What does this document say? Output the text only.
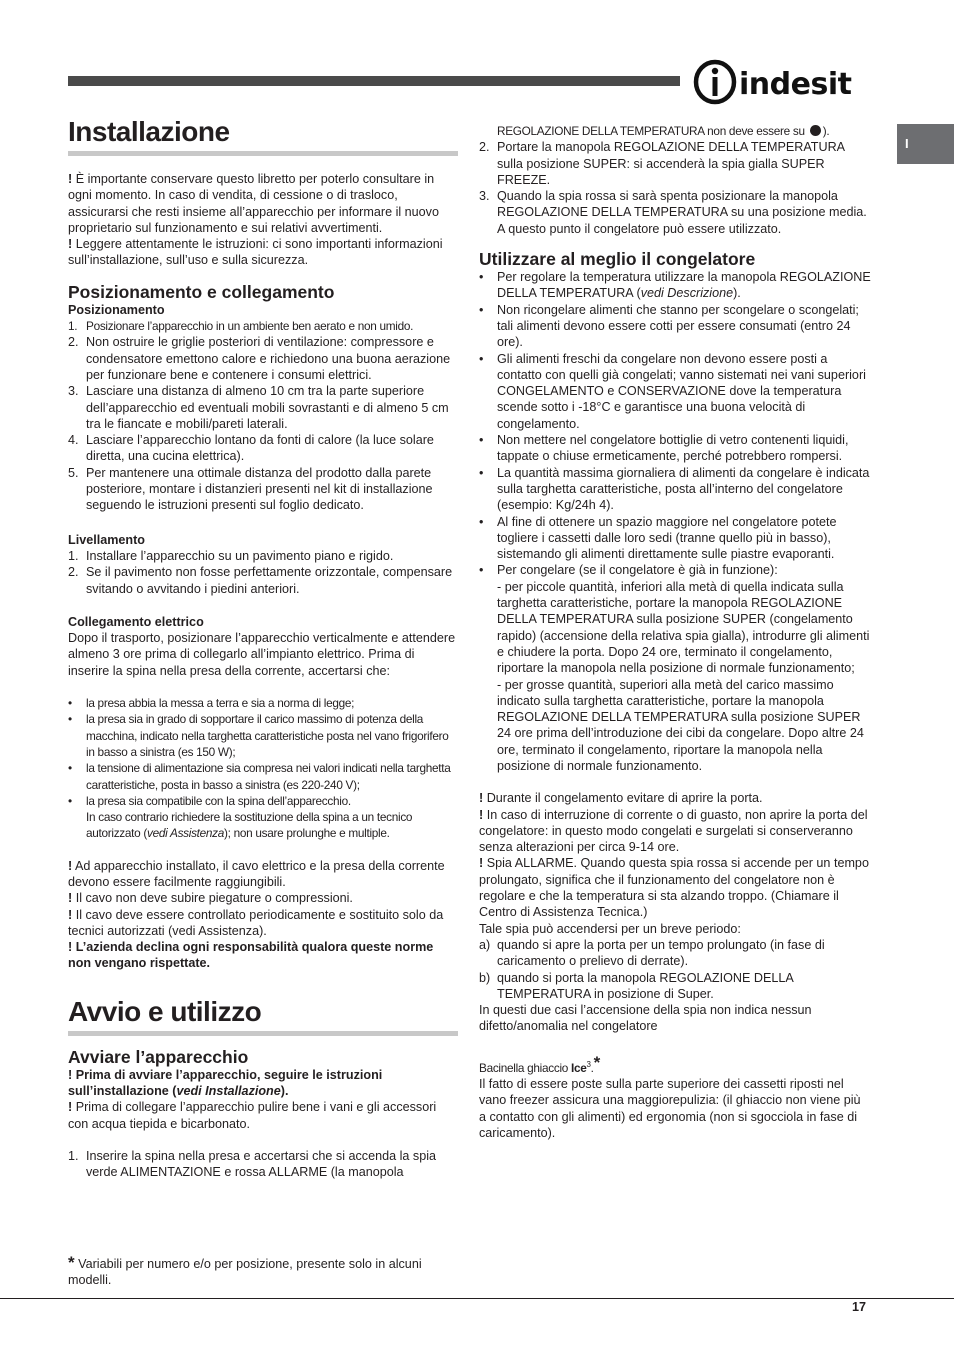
indesit
I
Installazione

! È importante conservare questo libretto per poterlo consultare in ogni momento. In caso di vendita, di cessione o di trasloco, assicurarsi che resti insieme all’apparecchio per informare il nuovo proprietario sul funzionamento e sui relativi avvertimenti.

! Leggere attentamente le istruzioni: ci sono importanti informazioni sull’installazione, sull’uso e sulla sicurezza.

Posizionamento e collegamento
Posizionamento
1. Posizionare l’apparecchio in un ambiente ben aerato e non umido.
2. Non ostruire le griglie posteriori di ventilazione: compressore e condensatore emettono calore e richiedono una buona aerazione per funzionare bene e contenere i consumi elettrici.
3. Lasciare una distanza di almeno 10 cm tra la parte superiore dell’apparecchio ed eventuali mobili sovrastanti e di almeno 5 cm tra le fiancate e mobili/pareti laterali.
4. Lasciare l’apparecchio lontano da fonti di calore (la luce solare diretta, una cucina elettrica).
5. Per mantenere una ottimale distanza del prodotto dalla parete posteriore, montare i distanzieri presenti nel kit di installazione seguendo le istruzioni presenti sul foglio dedicato.
Livellamento
1. Installare l’apparecchio su un pavimento piano e rigido.
2. Se il pavimento non fosse perfettamente orizzontale, compensare svitando o avvitando i piedini anteriori.
Collegamento elettrico

Dopo il trasporto, posizionare l’apparecchio verticalmente e attendere almeno 3 ore prima di collegarlo all’impianto elettrico. Prima di inserire la spina nella presa della corrente, accertarsi che:

• la presa abbia la messa a terra e sia a norma di legge;
• la presa sia in grado di sopportare il carico massimo di potenza della macchina, indicato nella targhetta caratteristiche posta nel vano frigorifero in basso a sinistra (es 150 W);
• la tensione di alimentazione sia compresa nei valori indicati nella targhetta caratteristiche, posta in basso a sinistra (es 220-240 V);
• la presa sia compatibile con la spina dell’apparecchio.
In caso contrario richiedere la sostituzione della spina a un tecnico autorizzato (vedi Assistenza); non usare prolunghe e multiple.

! Ad apparecchio installato, il cavo elettrico e la presa della corrente devono essere facilmente raggiungibili.

! Il cavo non deve subire piegature o compressioni.

! Il cavo deve essere controllato periodicamente e sostituito solo da tecnici autorizzati (vedi Assistenza).

! L’azienda declina ogni responsabilità qualora queste norme non vengano rispettate.

Avvio e utilizzo
Avviare l’apparecchio

! Prima di avviare l’apparecchio, seguire le istruzioni sull’installazione (vedi Installazione).

! Prima di collegare l’apparecchio pulire bene i vani e gli accessori con acqua tiepida e bicarbonato.

1. Inserire la spina nella presa e accertarsi che si accenda la spia verde ALIMENTAZIONE e rossa ALLARME (la manopola
* Variabili per numero e/o per posizione, presente solo in alcuni modelli.
REGOLAZIONE DELLA TEMPERATURA non deve essere su ).
2. Portare la manopola REGOLAZIONE DELLA TEMPERATURA sulla posizione SUPER: si accenderà la spia gialla SUPER FREEZE.
3. Quando la spia rossa si sarà spenta posizionare la manopola REGOLAZIONE DELLA TEMPERATURA su una posizione media. A questo punto il congelatore può essere utilizzato.
Utilizzare al meglio il congelatore
• Per regolare la temperatura utilizzare la manopola REGOLAZIONE DELLA TEMPERATURA (vedi Descrizione).
• Non ricongelare alimenti che stanno per scongelare o scongelati; tali alimenti devono essere cotti per essere consumati (entro 24 ore).
• Gli alimenti freschi da congelare non devono essere posti a contatto con quelli già congelati; vanno sistemati nei vani superiori CONGELAMENTO e CONSERVAZIONE dove la temperatura scende sotto i -18°C e garantisce una buona velocità di congelamento.
• Non mettere nel congelatore bottiglie di vetro contenenti liquidi, tappate o chiuse ermeticamente, perché potrebbero rompersi.
• La quantità massima giornaliera di alimenti da congelare è indicata sulla targhetta caratteristiche, posta all’interno del congelatore (esempio: Kg/24h 4).
• Al fine di ottenere un spazio maggiore nel congelatore potete togliere i cassetti dalle loro sedi (tranne quello più in basso), sistemando gli alimenti direttamente sulle piastre evaporanti.
• Per congelare (se il congelatore è già in funzione):
- per piccole quantità, inferiori alla metà di quella indicata sulla targhetta caratteristiche, portare la manopola REGOLAZIONE DELLA TEMPERATURA sulla posizione SUPER (congelamento rapido) (accensione della relativa spia gialla), introdurre gli alimenti e chiudere la porta. Dopo 24 ore, terminato il congelamento, riportare la manopola nella posizione di normale funzionamento;
- per grosse quantità, superiori alla metà del carico massimo indicato sulla targhetta caratteristiche, portare la manopola REGOLAZIONE DELLA TEMPERATURA sulla posizione SUPER 24 ore prima dell’introduzione dei cibi da congelare. Dopo altre 24 ore, terminato il congelamento, riportare la manopola nella posizione di normale funzionamento.

! Durante il congelamento evitare di aprire la porta.

! In caso di interruzione di corrente o di guasto, non aprire la porta del congelatore: in questo modo congelati e surgelati si conserveranno senza alterazioni per circa 9-14 ore.

! Spia ALLARME. Quando questa spia rossa si accende per un tempo prolungato, significa che il funzionamento del congelatore non è regolare e che la temperatura si sta alzando troppo. (Chiamare il Centro di Assistenza Tecnica.)

Tale spia può accendersi per un breve periodo:

a) quando si apre la porta per un tempo prolungato (in fase di caricamento o prelievo di derrate).
b) quando si porta la manopola REGOLAZIONE DELLA TEMPERATURA in posizione di Super.

In questi due casi l’accensione della spia non indica nessun difetto/anomalia nel congelatore

Bacinella ghiaccio Ice$^3$.*

Il fatto di essere poste sulla parte superiore dei cassetti riposti nel vano freezer assicura una maggiorepulizia: (il ghiaccio non viene più a contatto con gli alimenti) ed ergonomia (non si sgocciola in fase di caricamento).

17
